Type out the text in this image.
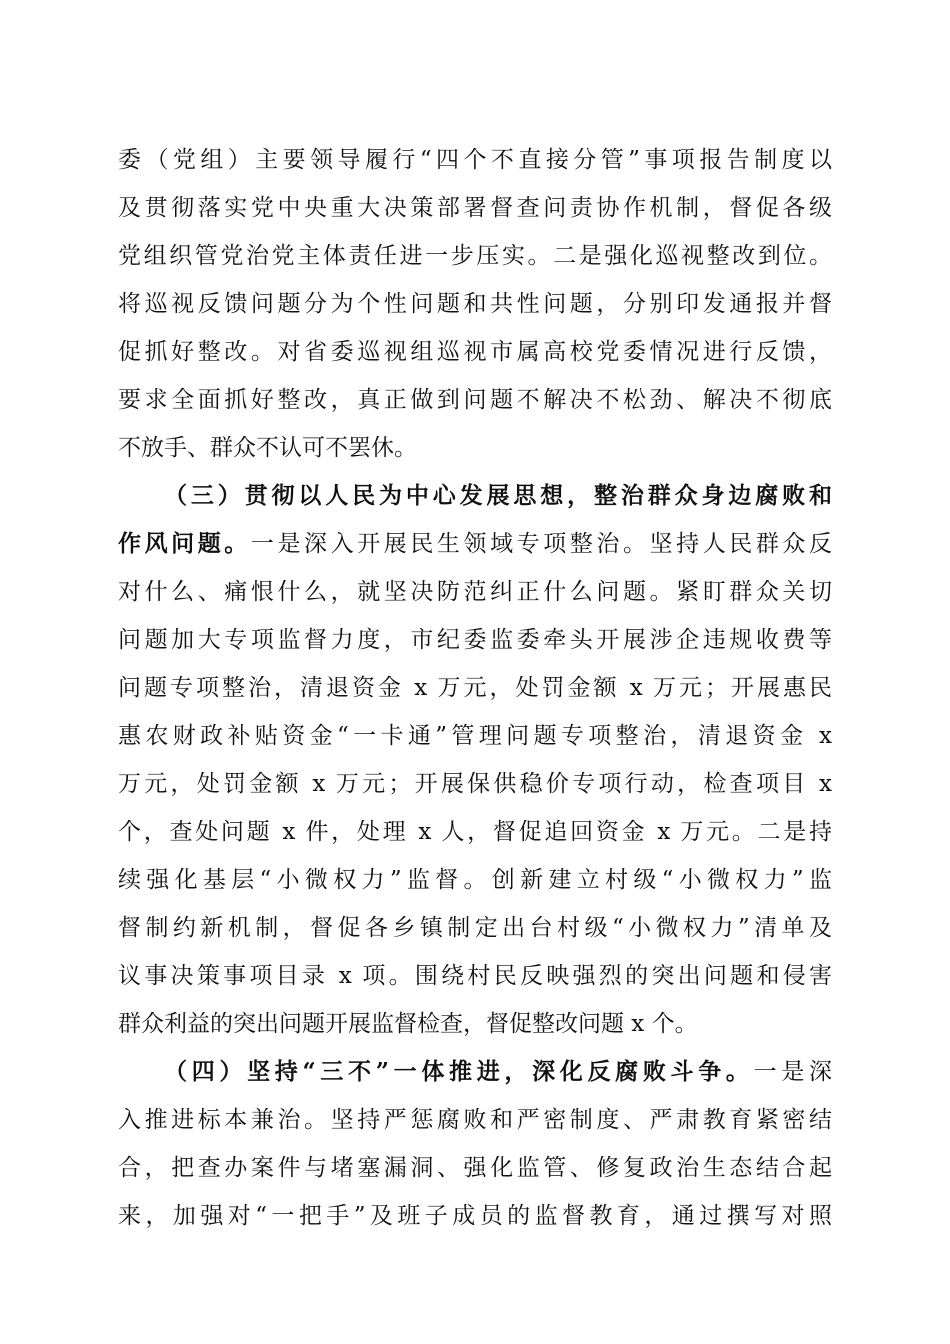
委（党组）主要领导履行“四个不直接分管”事项报告制度以
及贯彻落实党中央重大决策部署督查问责协作机制，督促各级
党组织管党治党主体责任进一步压实。二是强化巡视整改到位。
将巡视反馈问题分为个性问题和共性问题，分别印发通报并督
促抓好整改。对省委巡视组巡视市属高校党委情况进行反馈，
要求全面抓好整改，真正做到问题不解决不松劲、解决不彻底
不放手、群众不认可不罢休。
（三）贯彻以人民为中心发展思想，整治群众身边腐败和
作风问题。一是深入开展民生领域专项整治。坚持人民群众反
对什么、痛恨什么，就坚决防范纠正什么问题。紧盯群众关切
问题加大专项监督力度，市纪委监委牵头开展涉企违规收费等
问题专项整治，清退资金 x 万元，处罚金额 x 万元；开展惠民
惠农财政补贴资金“一卡通”管理问题专项整治，清退资金 x
万元，处罚金额 x 万元；开展保供稳价专项行动，检查项目 x
个，查处问题 x 件，处理 x 人，督促追回资金 x 万元。二是持
续强化基层“小微权力”监督。创新建立村级“小微权力”监
督制约新机制，督促各乡镇制定出台村级“小微权力”清单及
议事决策事项目录 x 项。围绕村民反映强烈的突出问题和侵害
群众利益的突出问题开展监督检查，督促整改问题 x 个。
（四）坚持“三不”一体推进，深化反腐败斗争。一是深
入推进标本兼治。坚持严惩腐败和严密制度、严肃教育紧密结
合，把查办案件与堵塞漏洞、强化监管、修复政治生态结合起
来，加强对“一把手”及班子成员的监督教育，通过撰写对照
